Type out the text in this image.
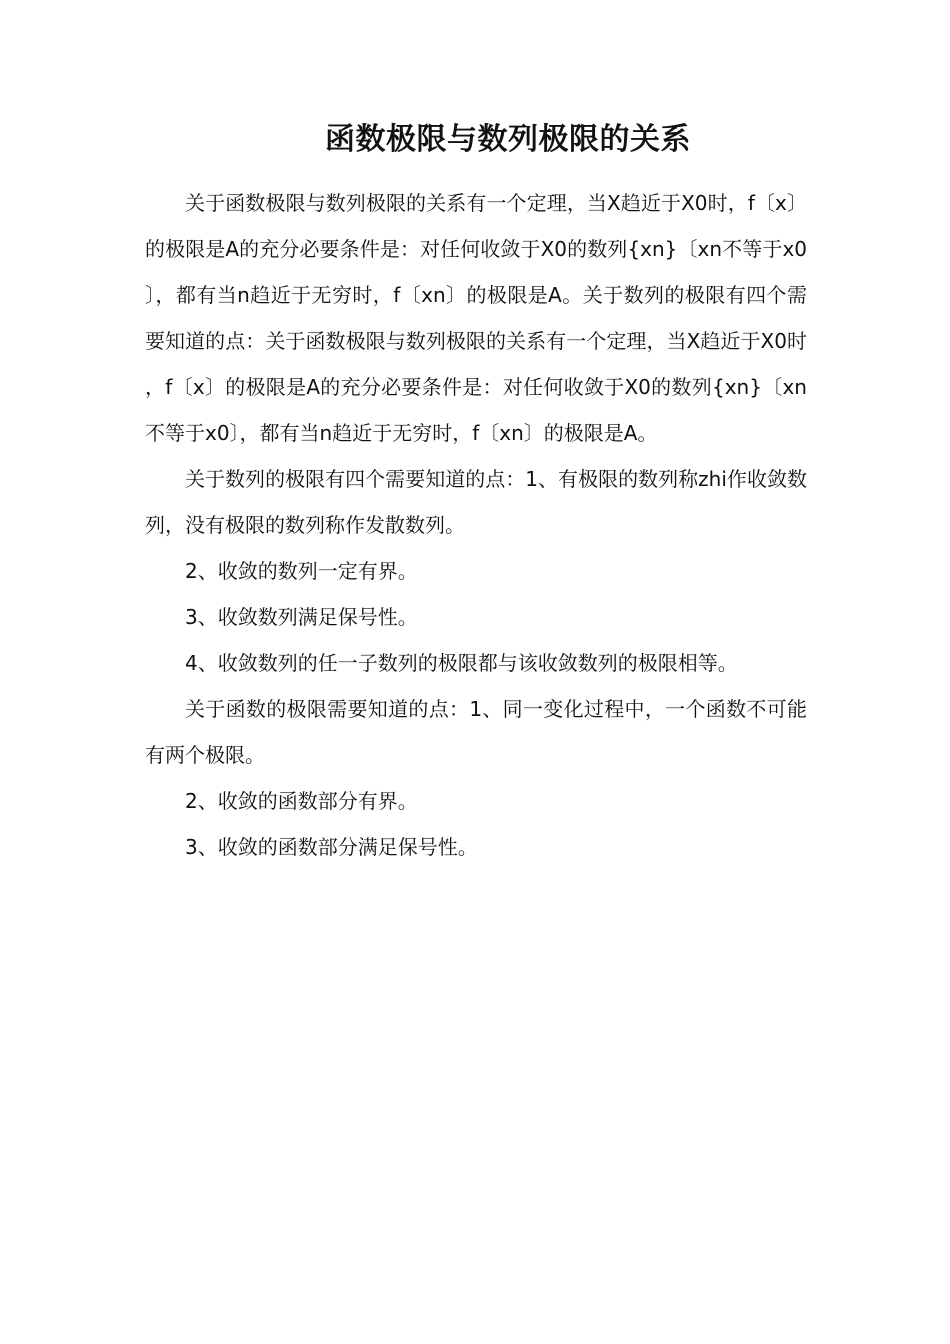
函数极限与数列极限的关系

关于函数极限与数列极限的关系有一个定理，当X趋近于X0时，f〔x〕的极限是A的充分必要条件是：对任何收敛于X0的数列{xn}〔xn不等于x0〕，都有当n趋近于无穷时，f〔xn〕的极限是A。关于数列的极限有四个需要知道的点：关于函数极限与数列极限的关系有一个定理，当X趋近于X0时，f〔x〕的极限是A的充分必要条件是：对任何收敛于X0的数列{xn}〔xn不等于x0〕，都有当n趋近于无穷时，f〔xn〕的极限是A。

关于数列的极限有四个需要知道的点：1、有极限的数列称zhi作收敛数列，没有极限的数列称作发散数列。

2、收敛的数列一定有界。

3、收敛数列满足保号性。

4、收敛数列的任一子数列的极限都与该收敛数列的极限相等。

关于函数的极限需要知道的点：1、同一变化过程中，一个函数不可能有两个极限。

2、收敛的函数部分有界。

3、收敛的函数部分满足保号性。
